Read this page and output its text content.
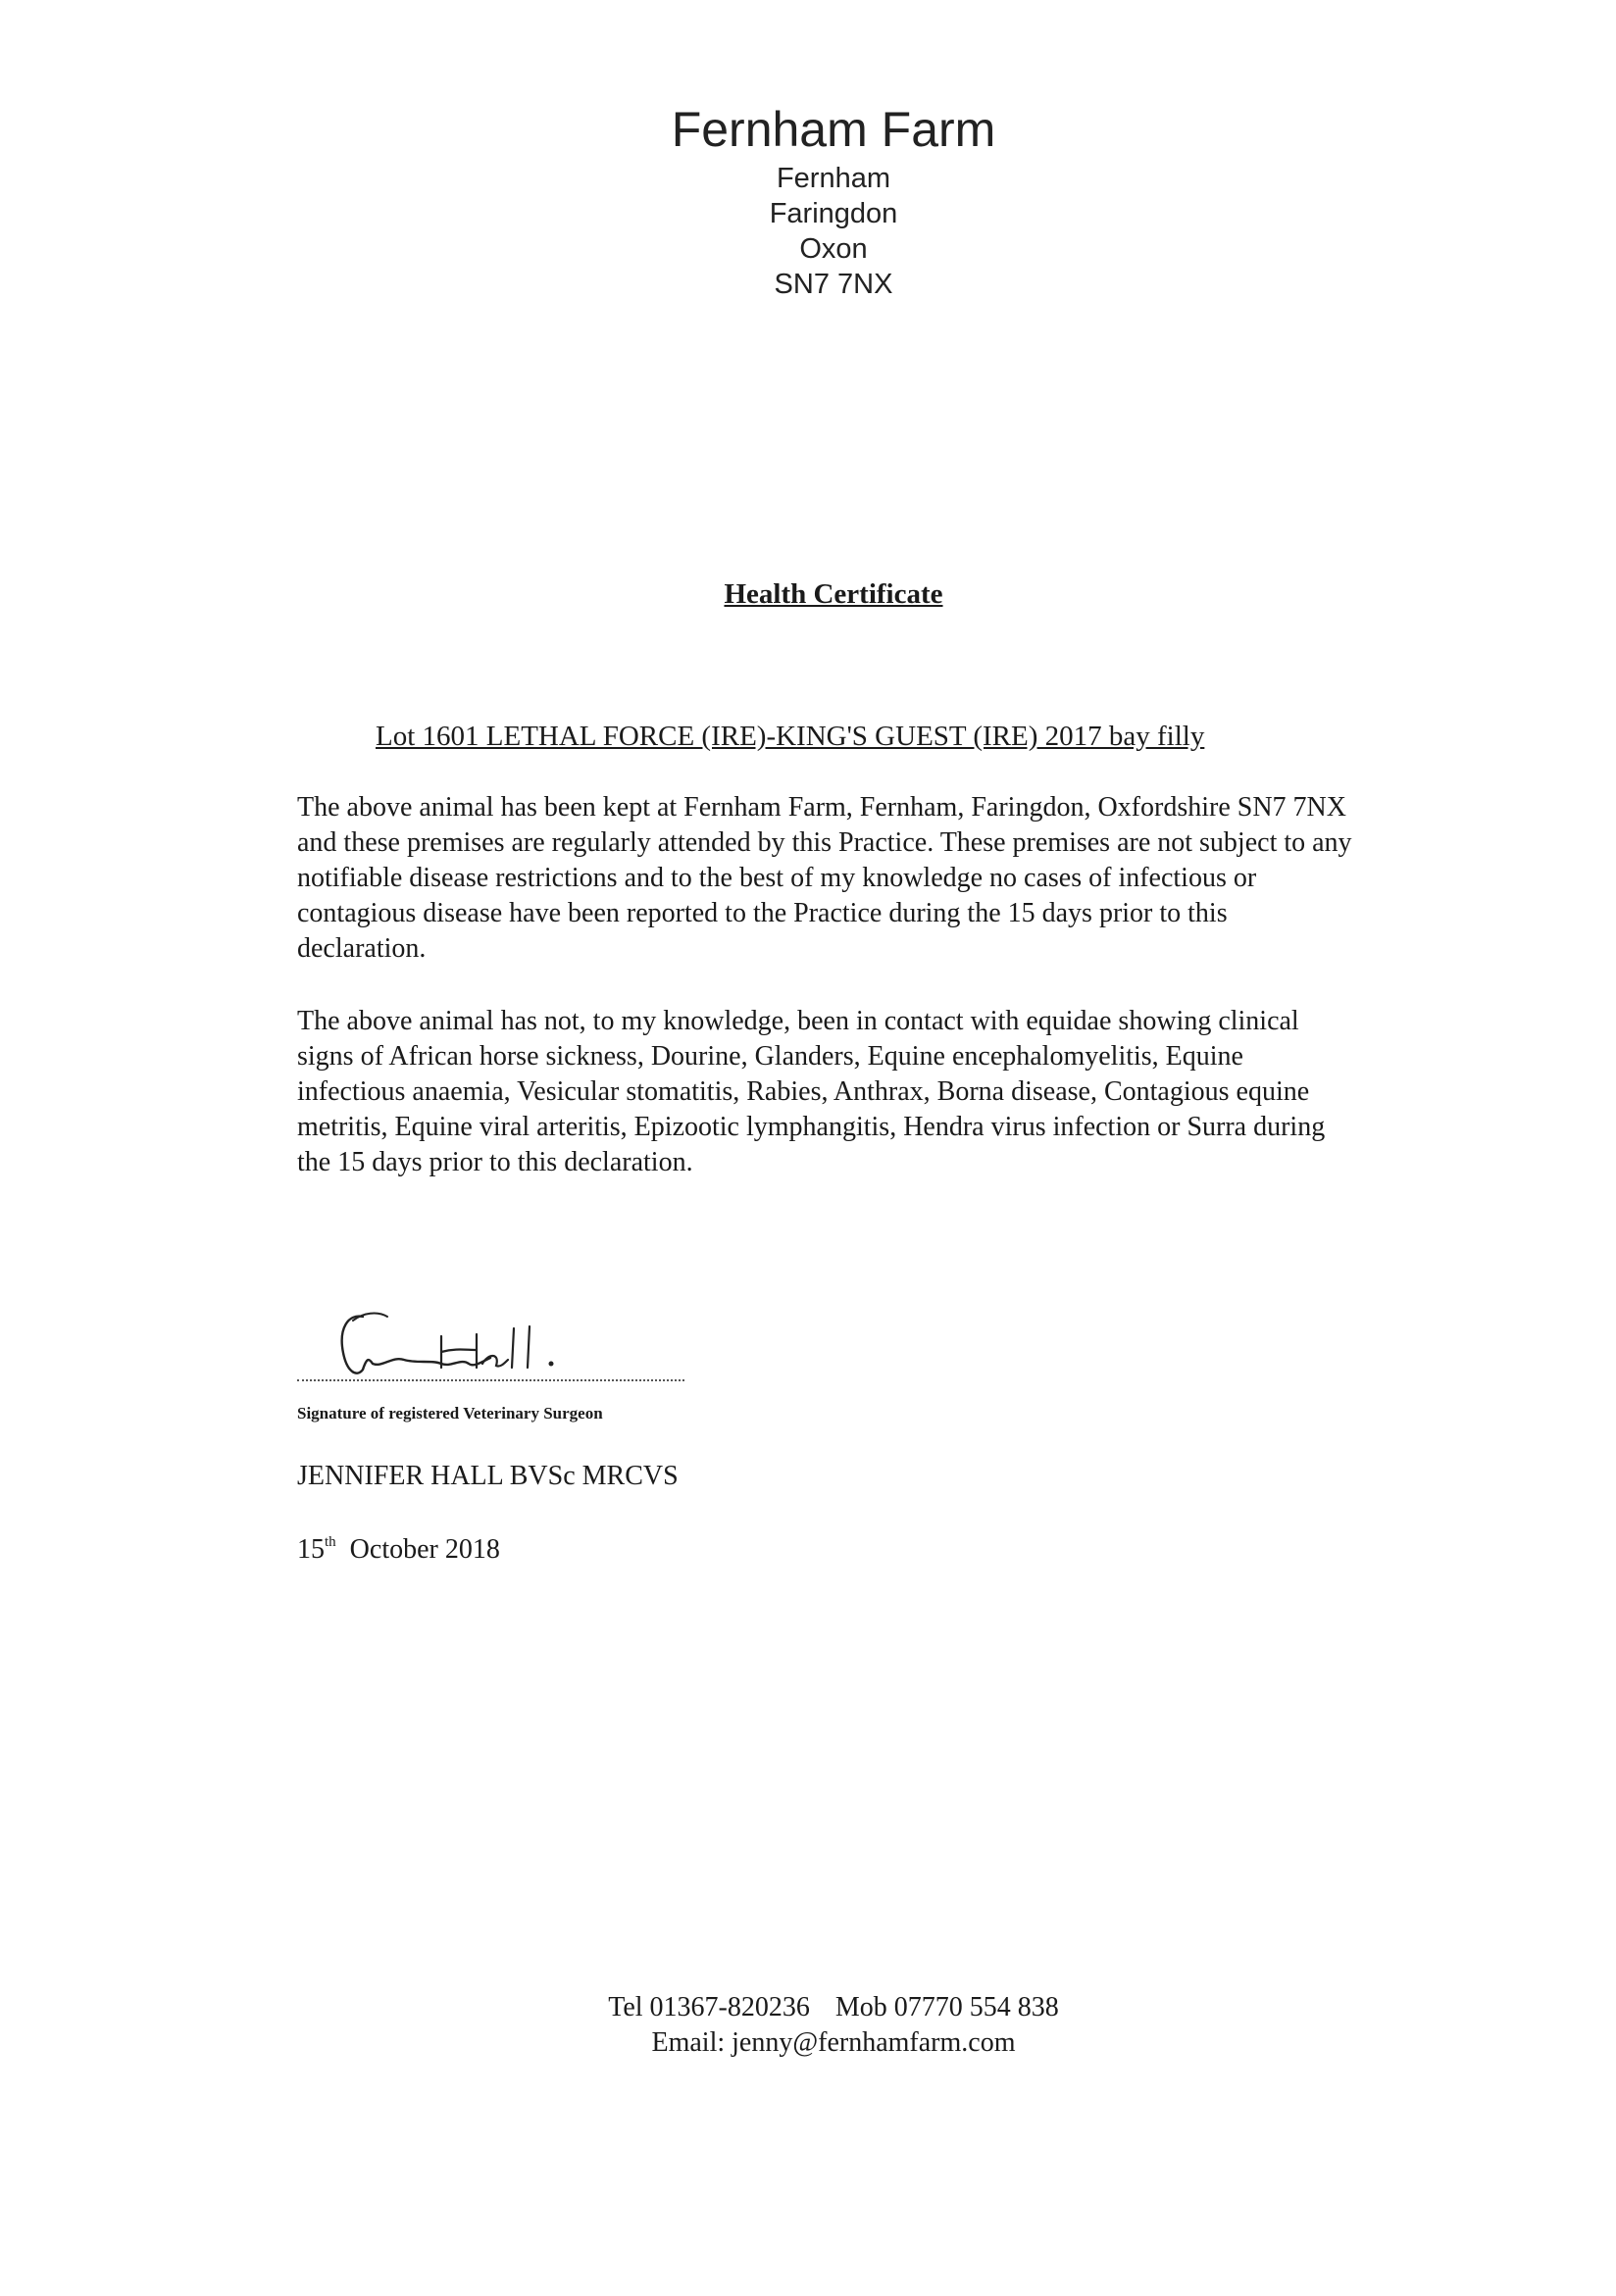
Fernham Farm
Fernham
Faringdon
Oxon
SN7 7NX
Health Certificate
Lot 1601 LETHAL FORCE (IRE)-KING'S GUEST (IRE) 2017 bay filly
The above animal has been kept at Fernham Farm, Fernham, Faringdon, Oxfordshire SN7 7NX and these premises are regularly attended by this Practice. These premises are not subject to any notifiable disease restrictions and to the best of my knowledge no cases of infectious or contagious disease have been reported to the Practice during the 15 days prior to this declaration.
The above animal has not, to my knowledge, been in contact with equidae showing clinical signs of African horse sickness, Dourine, Glanders, Equine encephalomyelitis, Equine infectious anaemia, Vesicular stomatitis, Rabies, Anthrax, Borna disease, Contagious equine metritis, Equine viral arteritis, Epizootic lymphangitis, Hendra virus infection or Surra during the 15 days prior to this declaration.
Signature of registered Veterinary Surgeon
JENNIFER HALL BVSc MRCVS
15th October 2018
Tel 01367-820236 Mob 07770 554 838
Email: jenny@fernhamfarm.com
